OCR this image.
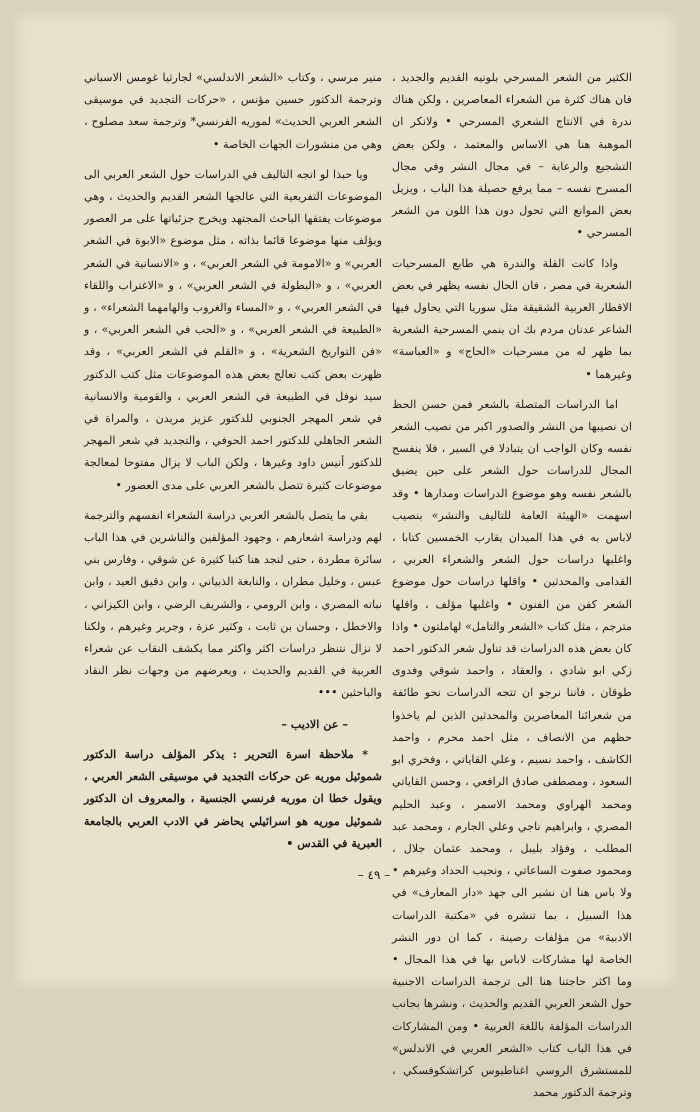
الكثير من الشعر المسرحي بلونيه القديم والجديد ، فان هناك كثرة من الشعراء المعاصرين ، ولكن هناك ندرة في الانتاج الشعري المسرحي • ولانكر ان الموهبة هنا هي الاساس والمعتمد ، ولكن بعض التشجيع والرعاية – في مجال النشر وفي مجال المسرح نفسه – مما يرفع حصيلة هذا الباب ، ويزيل بعض الموانع التي تحول دون هذا اللون من الشعر المسرحي •

واذا كانت القلة والندرة هي طابع المسرحيات الشعرية في مصر ، فان الحال نفسه يظهر في بعض الاقطار العربية الشقيقة مثل سوريا التي يحاول فيها الشاعر عدنان مردم بك ان ينمي المسرحية الشعرية بما ظهر له من مسرحيات «الحاج» و «العباسة» وغيرهما •

اما الدراسات المتصلة بالشعر فمن حسن الحظ ان نصيبها من النشر والصدور اكبر من نصيب الشعر نفسه وكان الواجب ان يتبادلا في السير ، فلا ينفسح المجال للدراسات حول الشعر على حين يضيق بالشعر نفسه وهو موضوع الدراسات ومدارها • وقد اسهمت «الهيئة العامة للتاليف والنشر» بنصيب لاباس به في هذا الميدان يقارب الخمسين كتابا ، واغلبها دراسات حول الشعر والشعراء العربي ، القدامى والمحدثين • واقلها دراسات حول موضوع الشعر كفن من الفنون • واغلبها مؤلف ، واقلها مترجم ، مثل كتاب «الشعر والتامل» لهاملتون • واذا كان بعض هذه الدراسات قد تناول شعر الدكتور احمد زكي ابو شادي ، والعقاد ، واحمد شوقي وفدوى طوقان ، فاننا نرجو ان تتجه الدراسات نحو طائفة من شعرائنا المعاصرين والمحدثين الذين لم ياخذوا حظهم من الانصاف ، مثل احمد محرم ، واحمد الكاشف ، واحمد نسيم ، وعلي القاياتي ، وفخري ابو السعود ، ومصطفى صادق الرافعي ، وحسن القاياتي ومحمد الهراوي ومحمد الاسمر ، وعبد الحليم المصري ، وابراهيم ناجي وعلي الجارم ، ومحمد عبد المطلب ، وفؤاد بليبل ، ومحمد عثمان جلال ، ومحمود صفوت الساعاتي ، ونجيب الحداد وغيرهم • ولا باس هنا ان نشير الى جهد «دار المعارف» في هذا السبيل ، بما تنشره في «مكتبة الدراسات الادبية» من مؤلفات رصينة ، كما ان دور النشر الخاصة لها مشاركات لاباس بها في هذا المجال • وما اكثر حاجتنا هنا الى ترجمة الدراسات الاجنبية حول الشعر العربي القديم والحديث ، ونشرها بجانب الدراسات المؤلفة باللغة العربية • ومن المشاركات في هذا الباب كتاب «الشعر العربي في الاندلس» للمستشرق الروسي اغناطيوس كراتشكوفسكي ، وترجمة الدكتور محمد

منير مرسي ، وكتاب «الشعر الاندلسي» لجارثيا غومس الاسباني وترجمة الدكتور حسين مؤنس ، «حركات التجديد في موسيقى الشعر العربي الحديث» لموريه الفرنسي* وترجمة سعد مصلوح ، وهي من منشورات الجهات الخاصة •

ويا حبذا لو اتجه التاليف في الدراسات حول الشعر العربي الى الموضوعات التفريعية التي عالجها الشعر القديم والحديث ، وهي موضوعات يفتقها الباحث المجتهد ويخرج جزئياتها على مر العصور ويؤلف منها موضوعا قائما بذاته ، مثل موضوع «الابوة في الشعر العربي» و «الامومة في الشعر العربي» ، و «الانسانية في الشعر العربي» ، و «البطولة في الشعر العربي» ، و «الاغتراب واللقاء في الشعر العربي» ، و «المساء والغروب والهامهما الشعراء» ، و «الطبيعة في الشعر العربي» ، و «الحب في الشعر العربي» ، و «فن التواريخ الشعرية» ، و «القلم في الشعر العربي» ، وقد ظهرت بعض كتب تعالج بعض هذه الموضوعات مثل كتب الدكتور سيد نوفل في الطبيعة في الشعر العربي ، والقومية والانسانية في شعر المهجر الجنوبي للدكتور عزيز مريدن ، والمراة في الشعر الجاهلي للدكتور احمد الحوفي ، والتجديد في شعر المهجر للدكتور أنيس داود وغيرها ، ولكن الباب لا يزال مفتوحا لمعالجة موضوعات كثيرة تتصل بالشعر العربي على مدى العصور •

بقي ما يتصل بالشعر العربي دراسة الشعراء انفسهم والترجمة لهم ودراسة اشعارهم ، وجهود المؤلفين والناشرين في هذا الباب سائرة مطردة ، حتى لنجد هنا كتبا كثيرة عن شوقي ، وفارس بني عبس ، وخليل مطران ، والنابغة الذبياني ، وابن دقيق العيد ، وابن نباته المصري ، وابن الرومي ، والشريف الرضي ، وابن الكيزاني ، والاخطل ، وحسان بن ثابت ، وكثير عزة ، وجرير وغيرهم ، ولكنا لا نزال نتنظر دراسات اكثر واكثر مما يكشف النقاب عن شعراء العربية في القديم والحديث ، ويعرضهم من وجهات نظر النقاد والباحثين •••

– عن الاديب –

* ملاحظة اسرة التحرير : يذكر المؤلف دراسة الدكتور شموئيل موريه عن حركات التجديد في موسيقى الشعر العربي ، ويقول خطا ان موريه فرنسي الجنسية ، والمعروف ان الدكتور شموئيل موريه هو اسرائيلي يحاضر في الادب العربي بالجامعة العبرية في القدس •

– ٤٩ –
